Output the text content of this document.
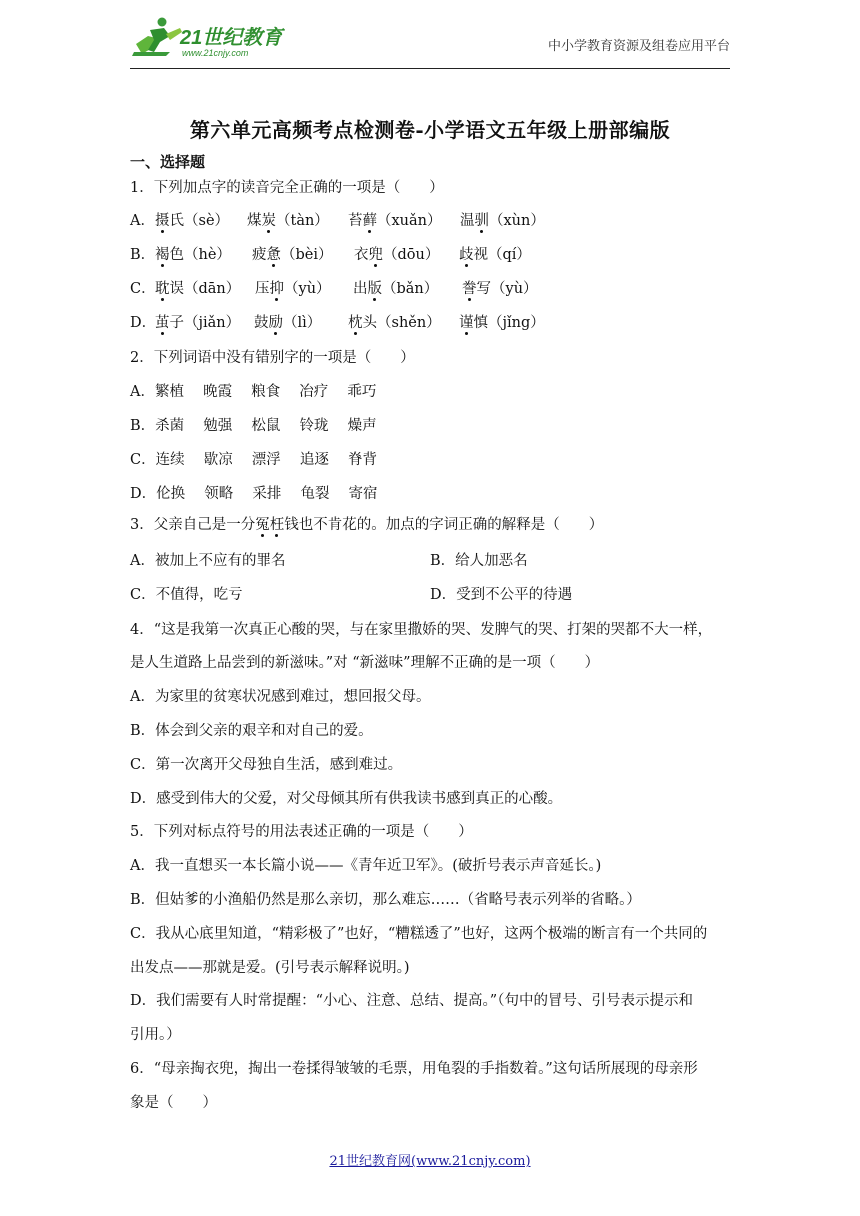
21世纪教育
www.21cnjy.com	中小学教育资源及组卷应用平台
第六单元高频考点检测卷-小学语文五年级上册部编版
一、选择题
1．下列加点字的读音完全正确的一项是（　　）
A． 摄氏（sè） 煤炭（tàn） 苔藓（xuǎn） 温驯（xùn）
B． 褐色（hè） 疲惫（bèi） 衣兜（dōu） 歧视（qí）
C． 耽误（dān） 压抑（yù） 出版（bǎn） 誊写（yù）
D．
茧子（jiǎn） 鼓励（lì） 枕头（shěn） 谨慎（jǐng）
2．下列词语中没有错别字的一项是（　　）
A．繁植　 晚霞　 粮食　 冶疗　 乖巧
B．杀菌　 勉强　 松鼠　 铃珑　 燥声
C．连续　 歇凉　 漂浮　 追逐　 脊背
D．伦换　 领略　 采排　 龟裂　 寄宿
3．父亲自己是一分冤枉钱也不肯花的。加点的字词正确的解释是（　　）
A．被加上不应有的罪名	B．给人加恶名
C．不值得，吃亏	D．受到不公平的待遇
4．“这是我第一次真正心酸的哭，与在家里撒娇的哭、发脾气的哭、打架的哭都不大一样，
是人生道路上品尝到的新滋味。”对 “新滋味”理解不正确的是一项（　　）
A．为家里的贫寒状况感到难过，想回报父母。
B．体会到父亲的艰辛和对自己的爱。
C．第一次离开父母独自生活，感到难过。
D．感受到伟大的父爱，对父母倾其所有供我读书感到真正的心酸。
5．下列对标点符号的用法表述正确的一项是（　　）
A．我一直想买一本长篇小说——《青年近卫军》。(破折号表示声音延长。)
B．但姑爹的小渔船仍然是那么亲切，那么难忘……（省略号表示列举的省略。）
C．我从心底里知道，“精彩极了”也好，“糟糕透了”也好，这两个极端的断言有一个共同的
出发点——那就是爱。(引号表示解释说明。)
D．我们需要有人时常提醒：“小心、注意、总结、提高。”（句中的冒号、引号表示提示和
引用。）
6．“母亲掏衣兜，掏出一卷揉得皱皱的毛票，用龟裂的手指数着。”这句话所展现的母亲形
象是（　　）
21世纪教育网(www.21cnjy.com)
